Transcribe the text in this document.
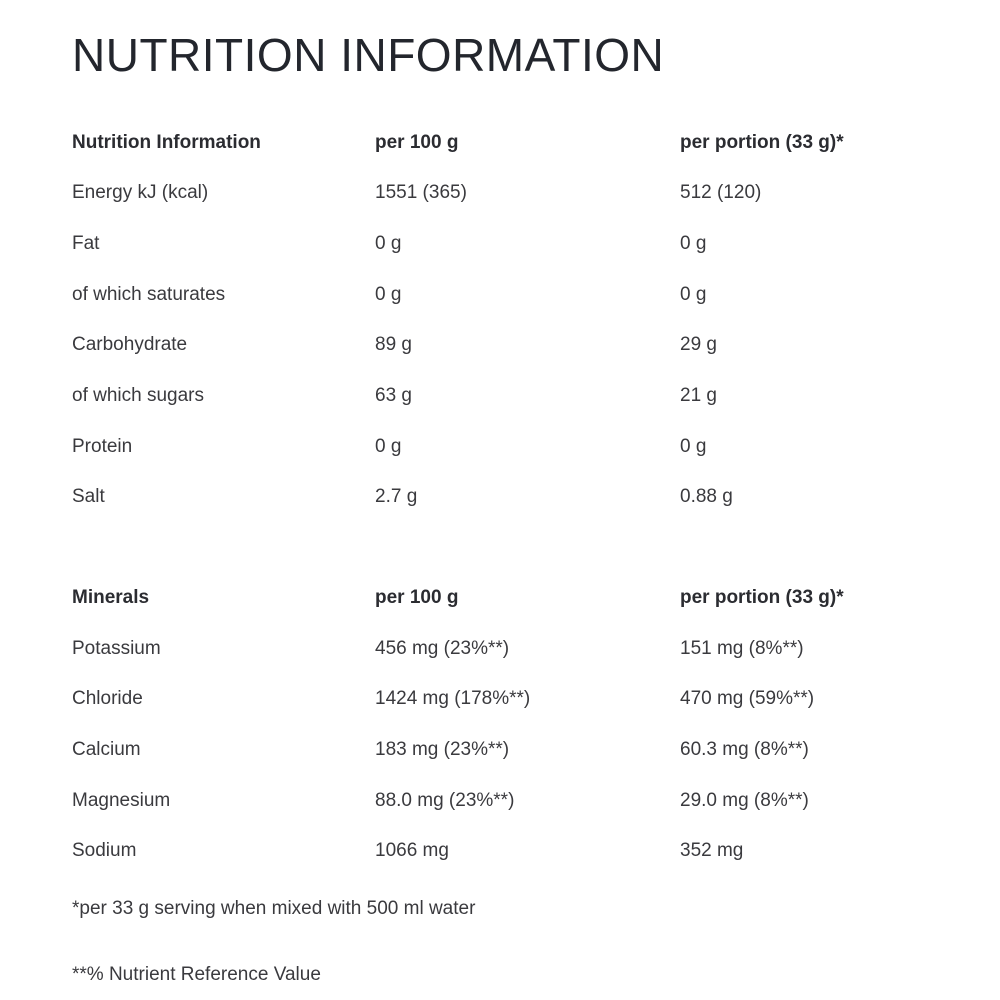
NUTRITION INFORMATION
Nutrition Information	per 100 g	per portion (33 g)*
Energy kJ (kcal)	1551 (365)	512 (120)
Fat	0 g	0 g
of which saturates	0 g	0 g
Carbohydrate	89 g	29 g
of which sugars	63 g	21 g
Protein	0 g	0 g
Salt	2.7 g	0.88 g
Minerals	per 100 g	per portion (33 g)*
Potassium	456 mg (23%**)	151 mg (8%**)
Chloride	1424 mg (178%**)	470 mg (59%**)
Calcium	183 mg (23%**)	60.3 mg (8%**)
Magnesium	88.0 mg (23%**)	29.0 mg (8%**)
Sodium	1066 mg	352 mg

*per 33 g serving when mixed with 500 ml water

**% Nutrient Reference Value
